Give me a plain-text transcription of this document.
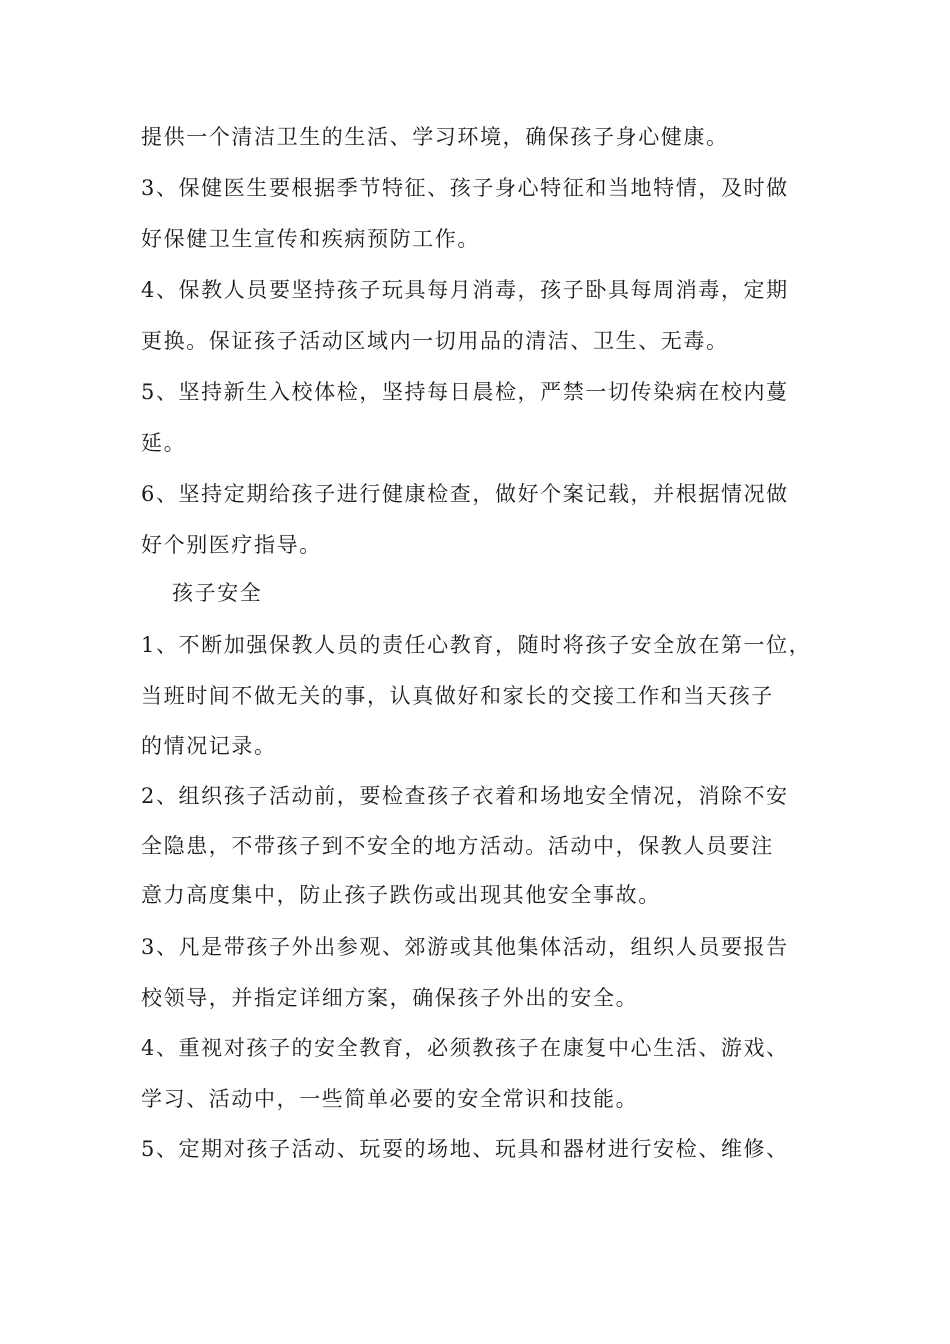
提供一个清洁卫生的生活、学习环境，确保孩子身心健康。
3、保健医生要根据季节特征、孩子身心特征和当地特情，及时做
好保健卫生宣传和疾病预防工作。
4、保教人员要坚持孩子玩具每月消毒，孩子卧具每周消毒，定期
更换。保证孩子活动区域内一切用品的清洁、卫生、无毒。
5、坚持新生入校体检，坚持每日晨检，严禁一切传染病在校内蔓
延。
6、坚持定期给孩子进行健康检查，做好个案记载，并根据情况做
好个别医疗指导。
孩子安全
1、不断加强保教人员的责任心教育，随时将孩子安全放在第一位，
当班时间不做无关的事，认真做好和家长的交接工作和当天孩子
的情况记录。
2、组织孩子活动前，要检查孩子衣着和场地安全情况，消除不安
全隐患，不带孩子到不安全的地方活动。活动中，保教人员要注
意力高度集中，防止孩子跌伤或出现其他安全事故。
3、凡是带孩子外出参观、郊游或其他集体活动，组织人员要报告
校领导，并指定详细方案，确保孩子外出的安全。
4、重视对孩子的安全教育，必须教孩子在康复中心生活、游戏、
学习、活动中，一些简单必要的安全常识和技能。
5、定期对孩子活动、玩耍的场地、玩具和器材进行安检、维修、
